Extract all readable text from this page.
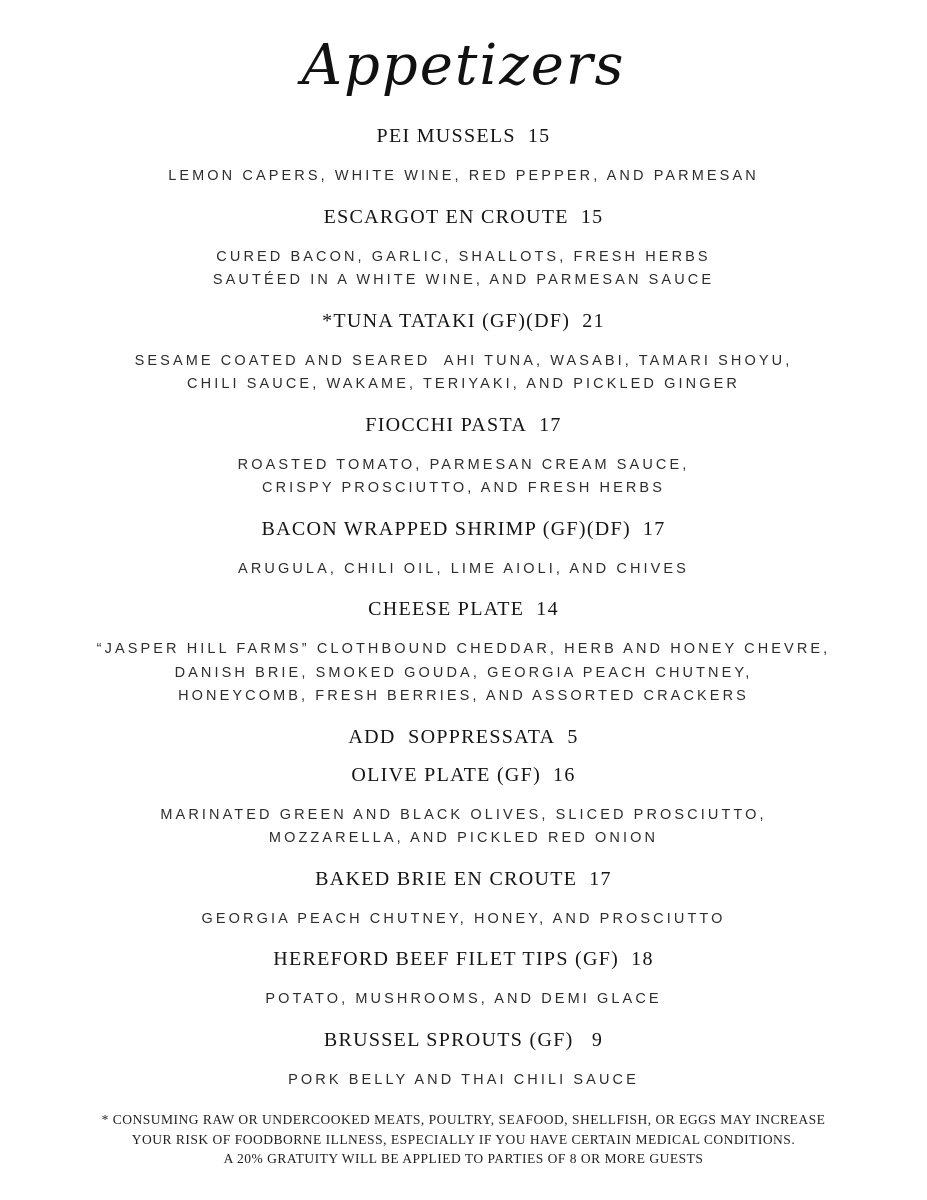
Appetizers
PEI MUSSELS 15
LEMON CAPERS, WHITE WINE, RED PEPPER, AND PARMESAN
ESCARGOT EN CROUTE 15
CURED BACON, GARLIC, SHALLOTS, FRESH HERBS
SAUTÉED IN A WHITE WINE, AND PARMESAN SAUCE
*TUNA TATAKI (GF)(DF) 21
SESAME COATED AND SEARED  AHI TUNA, WASABI, TAMARI SHOYU,
CHILI SAUCE, WAKAME, TERIYAKI, AND PICKLED GINGER
FIOCCHI PASTA 17
ROASTED TOMATO, PARMESAN CREAM SAUCE,
CRISPY PROSCIUTTO, AND FRESH HERBS
BACON WRAPPED SHRIMP (GF)(DF) 17
ARUGULA, CHILI OIL, LIME AIOLI, AND CHIVES
CHEESE PLATE 14
“JASPER HILL FARMS” CLOTHBOUND CHEDDAR, HERB AND HONEY CHEVRE,
DANISH BRIE, SMOKED GOUDA, GEORGIA PEACH CHUTNEY,
HONEYCOMB, FRESH BERRIES, AND ASSORTED CRACKERS
ADD  SOPPRESSATA 5
OLIVE PLATE (GF) 16
MARINATED GREEN AND BLACK OLIVES, SLICED PROSCIUTTO,
MOZZARELLA, AND PICKLED RED ONION
BAKED BRIE EN CROUTE 17
GEORGIA PEACH CHUTNEY, HONEY, AND PROSCIUTTO
HEREFORD BEEF FILET TIPS (GF) 18
POTATO, MUSHROOMS, AND DEMI GLACE
BRUSSEL SPROUTS (GF) 9
PORK BELLY AND THAI CHILI SAUCE
* CONSUMING RAW OR UNDERCOOKED MEATS, POULTRY, SEAFOOD, SHELLFISH, OR EGGS MAY INCREASE
YOUR RISK OF FOODBORNE ILLNESS, ESPECIALLY IF YOU HAVE CERTAIN MEDICAL CONDITIONS.
A 20% GRATUITY WILL BE APPLIED TO PARTIES OF 8 OR MORE GUESTS
